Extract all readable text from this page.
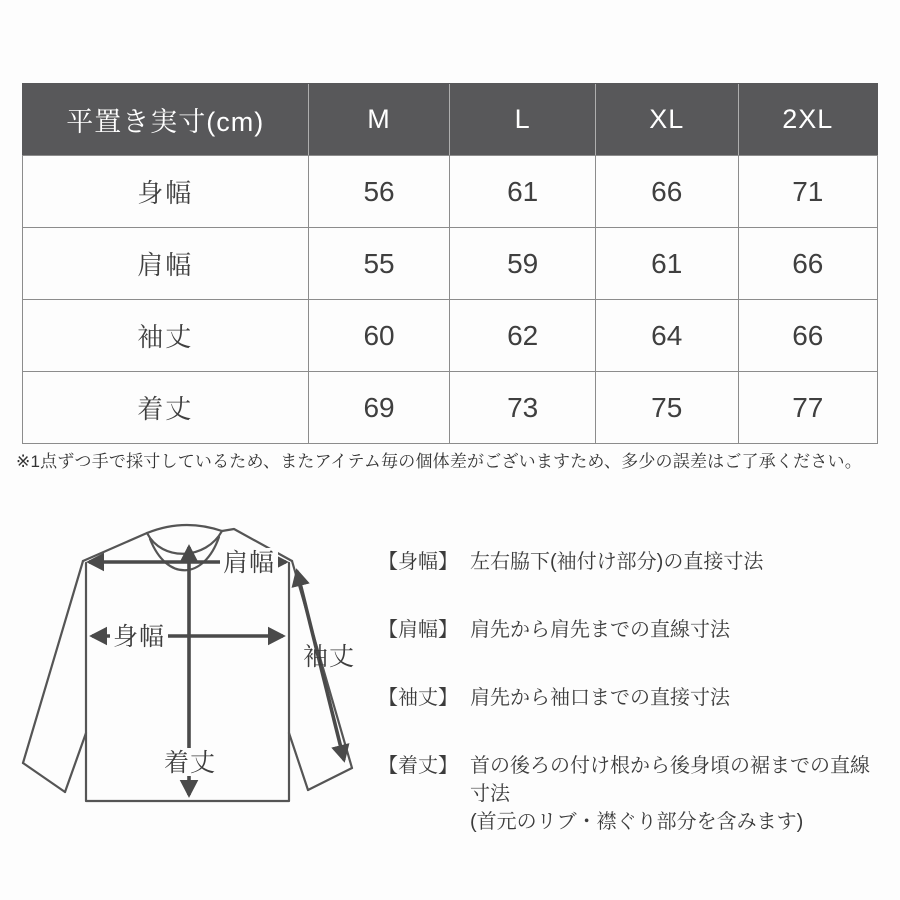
平置き実寸(cm)	M	L	XL	2XL
身幅	56	61	66	71
肩幅	55	59	61	66
袖丈	60	62	64	66
着丈	69	73	75	77

※1点ずつ手で採寸しているため、またアイテム毎の個体差がございますため、多少の誤差はご了承ください。

肩幅
身幅
着丈
袖丈
【身幅】 左右脇下(袖付け部分)の直接寸法
【肩幅】 肩先から肩先までの直線寸法
【袖丈】 肩先から袖口までの直接寸法
【着丈】 首の後ろの付け根から後身頃の裾までの直線寸法
(首元のリブ・襟ぐり部分を含みます)
